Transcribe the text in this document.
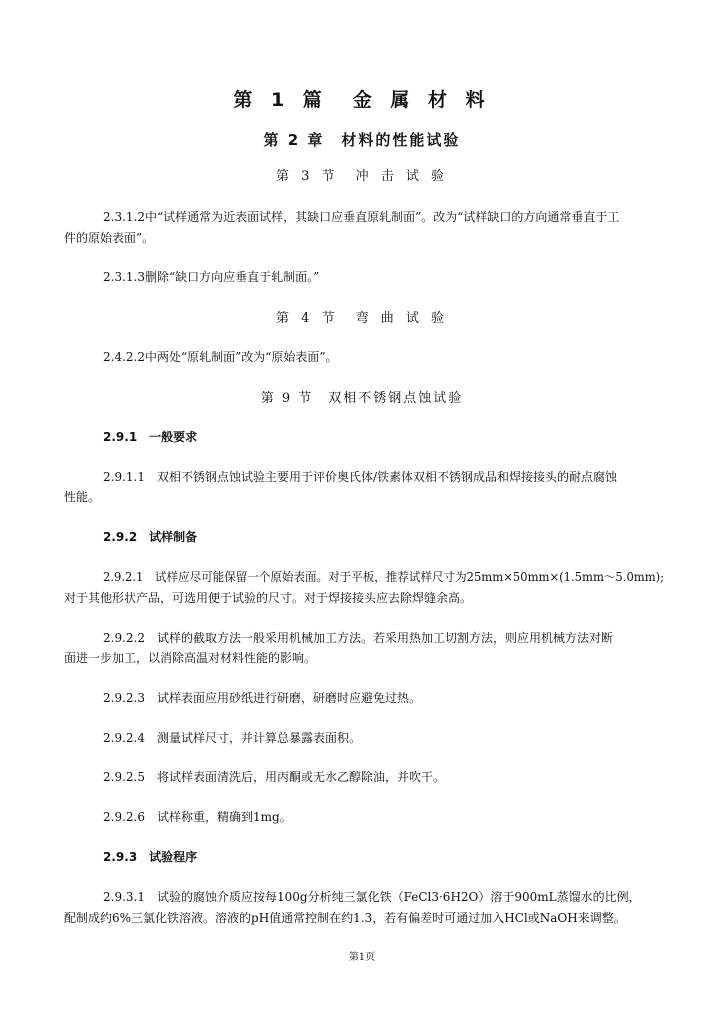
第 1 篇　金 属 材 料
第 2 章　材料的性能试验
第 3 节　冲 击 试 验
2.3.1.2中“试样通常为近表面试样，其缺口应垂直原轧制面”。改为“试样缺口的方向通常垂直于工
件的原始表面”。
2.3.1.3删除“缺口方向应垂直于轧制面。”
第 4 节　弯 曲 试 验
2.4.2.2中两处“原轧制面”改为“原始表面”。
第 9 节　双相不锈钢点蚀试验
2.9.1　一般要求
2.9.1.1　双相不锈钢点蚀试验主要用于评价奥氏体/铁素体双相不锈钢成品和焊接接头的耐点腐蚀
性能。
2.9.2　试样制备
2.9.2.1　试样应尽可能保留一个原始表面。对于平板，推荐试样尺寸为25mm×50mm×(1.5mm～5.0mm);
对于其他形状产品，可选用便于试验的尺寸。对于焊接接头应去除焊缝余高。
2.9.2.2　试样的截取方法一般采用机械加工方法。若采用热加工切割方法，则应用机械方法对断
面进一步加工，以消除高温对材料性能的影响。
2.9.2.3　试样表面应用砂纸进行研磨，研磨时应避免过热。
2.9.2.4　测量试样尺寸，并计算总暴露表面积。
2.9.2.5　将试样表面清洗后，用丙酮或无水乙醇除油，并吹干。
2.9.2.6　试样称重，精确到1mg。
2.9.3　试验程序
2.9.3.1　试验的腐蚀介质应按每100g分析纯三氯化铁（FeCl3·6H2O）溶于900mL蒸馏水的比例，
配制成约6%三氯化铁溶液。溶液的pH值通常控制在约1.3，若有偏差时可通过加入HCl或NaOH来调整。
第1页
